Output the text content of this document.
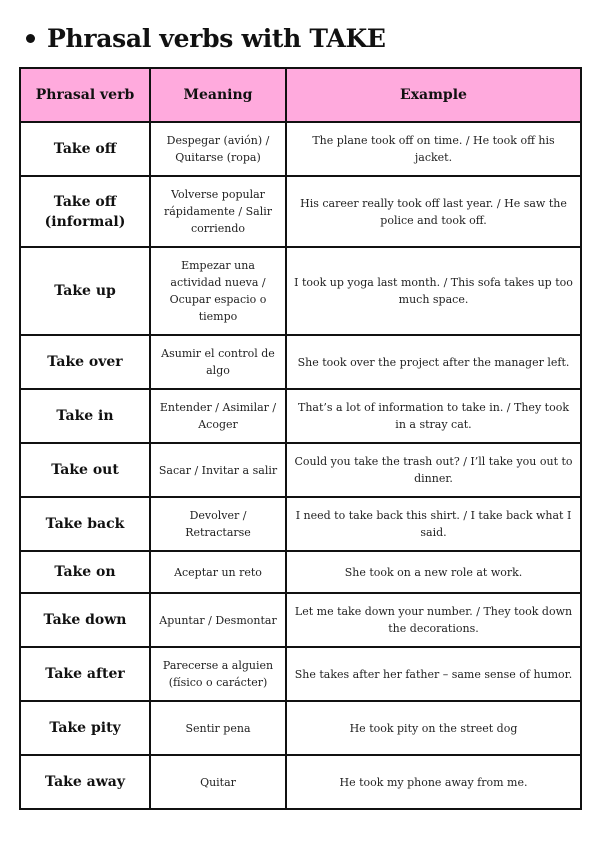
Phrasal verbs with TAKE
Phrasal verb	Meaning	Example
Take off	Despegar (avión) / Quitarse (ropa)	The plane took off on time. / He took off his jacket.
Take off (informal)	Volverse popular rápidamente / Salir corriendo	His career really took off last year. / He saw the police and took off.
Take up	Empezar una actividad nueva / Ocupar espacio o tiempo	I took up yoga last month. / This sofa takes up too much space.
Take over	Asumir el control de algo	She took over the project after the manager left.
Take in	Entender / Asimilar / Acoger	That’s a lot of information to take in. / They took in a stray cat.
Take out	Sacar / Invitar a salir	Could you take the trash out? / I’ll take you out to dinner.
Take back	Devolver / Retractarse	I need to take back this shirt. / I take back what I said.
Take on	Aceptar un reto	She took on a new role at work.
Take down	Apuntar / Desmontar	Let me take down your number. / They took down the decorations.
Take after	Parecerse a alguien (físico o carácter)	She takes after her father – same sense of humor.
Take pity	Sentir pena	He took pity on the street dog
Take away	Quitar	He took my phone away from me.
